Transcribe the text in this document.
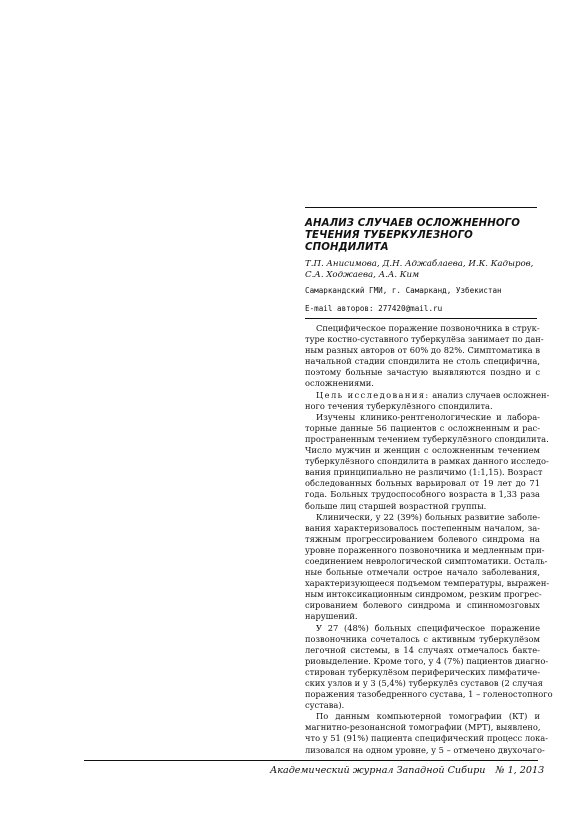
АНАЛИЗ СЛУЧАЕВ ОСЛОЖНЕННОГО
ТЕЧЕНИЯ ТУБЕРКУЛЕЗНОГО
СПОНДИЛИТА
Т.П. Анисимова, Д.Н. Аджаблаева, И.К. Кадыров,
С.А. Ходжаева, А.А. Ким
Самаркандский ГМИ, г. Самарканд, Узбекистан
E-mail авторов: 277420@mail.ru
Специфическое поражение позвоночника в струк-
туре костно-суставного туберкулёза занимает по дан-
ным разных авторов от 60% до 82%. Симптоматика в
начальной стадии спондилита не столь специфична,
поэтому больные зачастую выявляются поздно и с
осложнениями.
Цель исследования: анализ случаев осложнен-
ного течения туберкулёзного спондилита.
Изучены клинико-рентгенологические и лабора-
торные данные 56 пациентов с осложненным и рас-
пространенным течением туберкулёзного спондилита.
Число мужчин и женщин с осложненным течением
туберкулёзного спондилита в рамках данного исследо-
вания принципиально не различимо (1:1,15). Возраст
обследованных больных варьировал от 19 лет до 71
года. Больных трудоспособного возраста в 1,33 раза
больше лиц старшей возрастной группы.
Клинически, у 22 (39%) больных развитие заболе-
вания характеризовалось постепенным началом, за-
тяжным прогрессированием болевого синдрома на
уровне пораженного позвоночника и медленным при-
соединением неврологической симптоматики. Осталь-
ные больные отмечали острое начало заболевания,
характеризующееся подъемом температуры, выражен-
ным интоксикационным синдромом, резким прогрес-
сированием болевого синдрома и спинномозговых
нарушений.
У 27 (48%) больных специфическое поражение
позвоночника сочеталось с активным туберкулёзом
легочной системы, в 14 случаях отмечалось бакте-
риовыделение. Кроме того, у 4 (7%) пациентов диагно-
стирован туберкулёзом периферических лимфатиче-
ских узлов и у 3 (5,4%) туберкулёз суставов (2 случая
поражения тазобедренного сустава, 1 – голеностопного
сустава).
По данным компьютерной томографии (КТ) и
магнитно-резонансной томографии (МРТ), выявлено,
что у 51 (91%) пациента специфический процесс лока-
лизовался на одном уровне, у 5 – отмечено двухочаго-
Академический журнал Западной Сибири № 1, 2013
